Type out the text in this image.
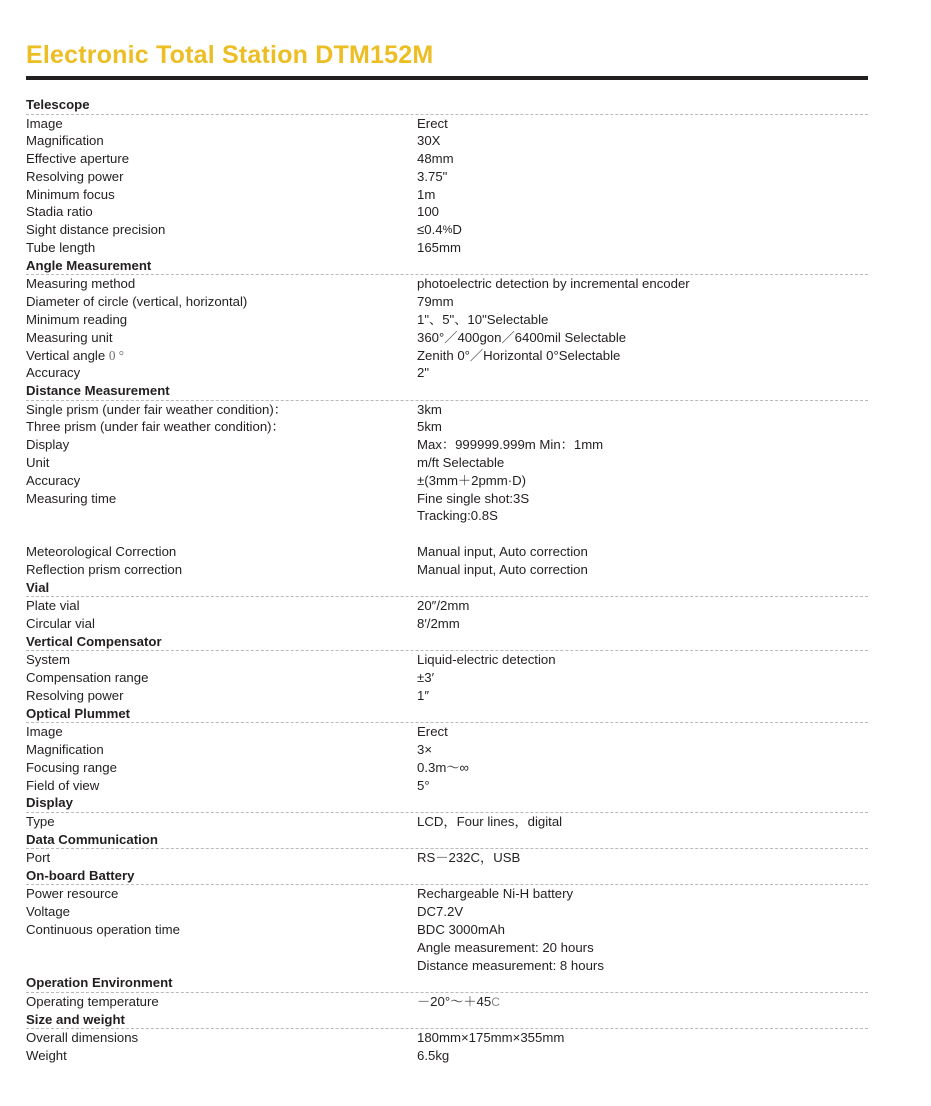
Electronic Total Station DTM152M
Telescope
Image	Erect
Magnification	30X
Effective aperture	48mm
Resolving power	3.75"
Minimum focus	1m
Stadia ratio	100
Sight distance precision	≤0.4%D
Tube length	165mm
Angle Measurement
Measuring method	photoelectric detection by incremental encoder
Diameter of circle (vertical, horizontal)	79mm
Minimum reading	1"、5"、10"Selectable
Measuring unit	360°／400gon／6400mil Selectable
Vertical angle 0 °	Zenith 0°／Horizontal 0°Selectable
Accuracy	2"
Distance Measurement
Single prism (under fair weather condition)：	3km
Three prism (under fair weather condition)：	5km
Display	Max：999999.999m Min：1mm
Unit	m/ft Selectable
Accuracy	±(3mm＋2pmm·D)
Measuring time	Fine single shot:3S
Tracking:0.8S
Meteorological Correction	Manual input, Auto correction
Reflection prism correction	Manual input, Auto correction
Vial
Plate vial	20″/2mm
Circular vial	8′/2mm
Vertical Compensator
System	Liquid-electric detection
Compensation range	±3′
Resolving power	1″
Optical Plummet
Image	Erect
Magnification	3×
Focusing range	0.3m～∞
Field of view	5°
Display
Type	LCD，Four lines，digital
Data Communication
Port	RS－232C，USB
On-board Battery
Power resource	Rechargeable Ni-H battery
Voltage	DC7.2V
Continuous operation time	BDC 3000mAh
Angle measurement: 20 hours
Distance measurement: 8 hours
Operation Environment
Operating temperature	－20°～＋45C
Size and weight
Overall dimensions	180mm×175mm×355mm
Weight	6.5kg
